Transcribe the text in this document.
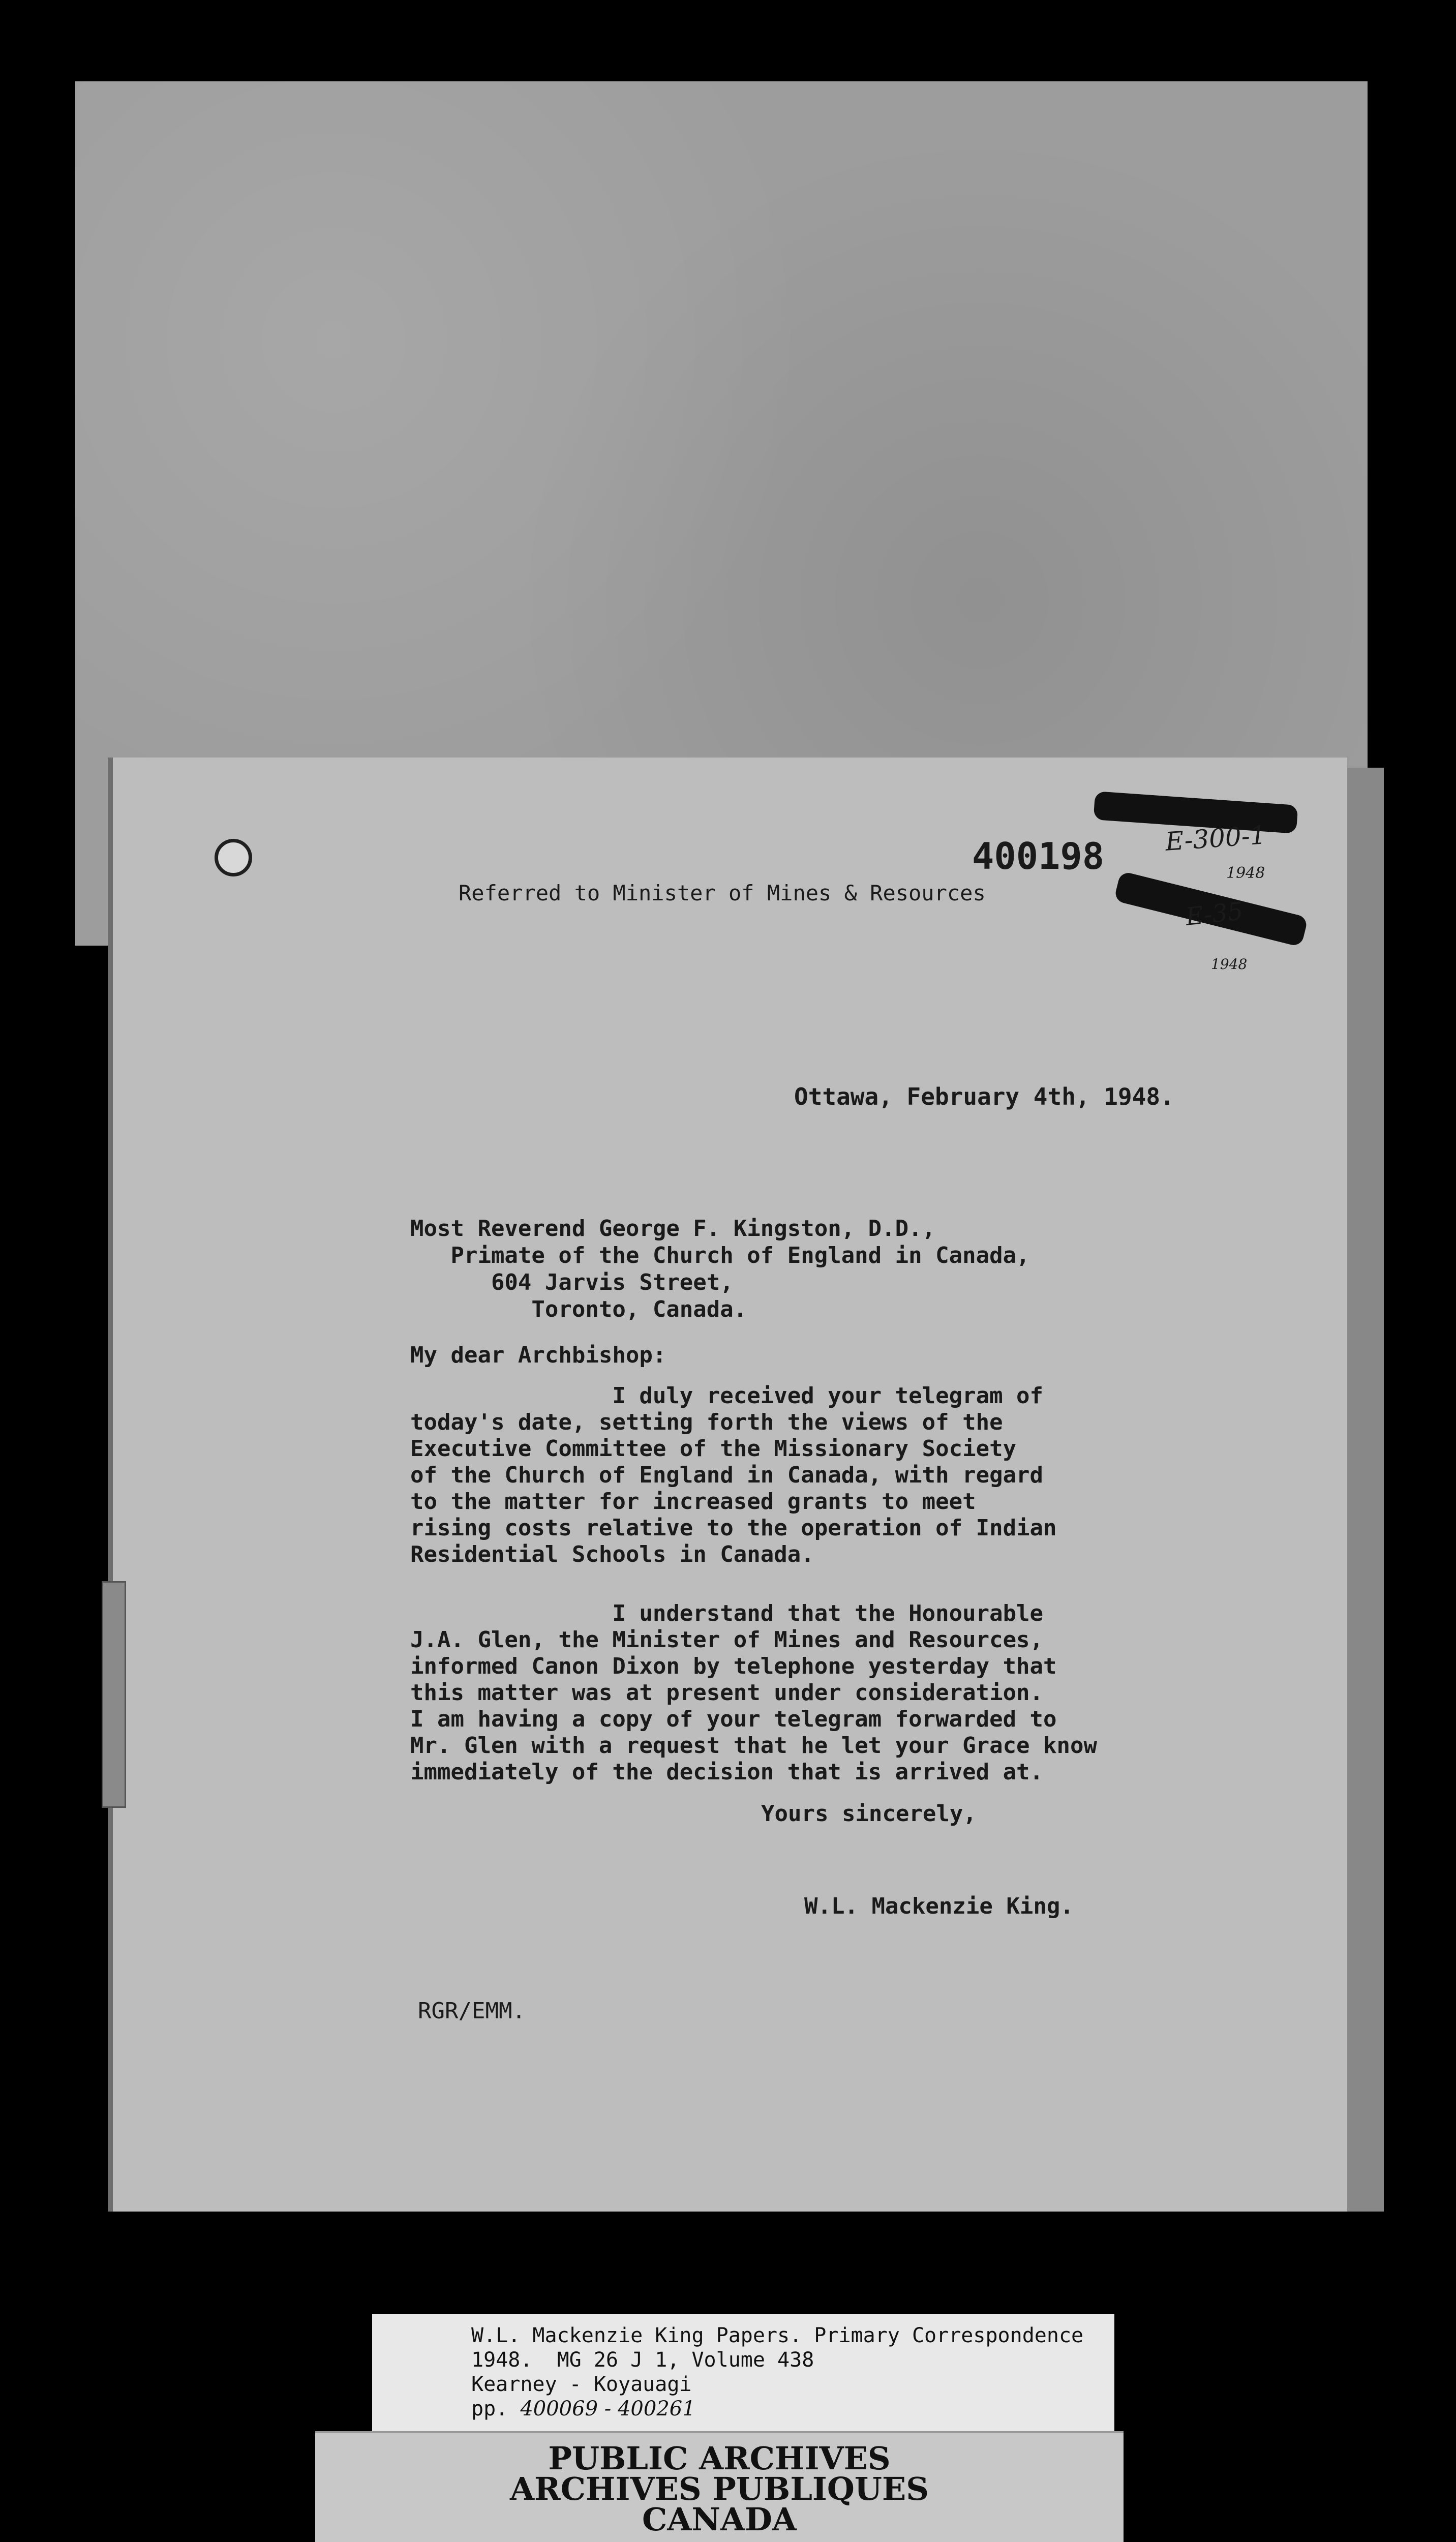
400198 E-300-1
1948
E-35
1948
Referred to Minister of Mines & Resources
Ottawa, February 4th, 1948.
Most Reverend George F. Kingston, D.D.,
Primate of the Church of England in Canada,
604 Jarvis Street,
Toronto, Canada.
My dear Archbishop:
I duly received your telegram of
today's date, setting forth the views of the
Executive Committee of the Missionary Society
of the Church of England in Canada, with regard
to the matter for increased grants to meet
rising costs relative to the operation of Indian
Residential Schools in Canada.
I understand that the Honourable
J.A. Glen, the Minister of Mines and Resources,
informed Canon Dixon by telephone yesterday that
this matter was at present under consideration.
I am having a copy of your telegram forwarded to
Mr. Glen with a request that he let your Grace know
immediately of the decision that is arrived at.
Yours sincerely,
W.L. Mackenzie King.
RGR/EMM.
W.L. Mackenzie King Papers. Primary Correspondence
1948.  MG 26 J 1, Volume 438
Kearney - Koyauagi
pp. 400069 - 400261
PUBLIC ARCHIVES
ARCHIVES PUBLIQUES
CANADA
